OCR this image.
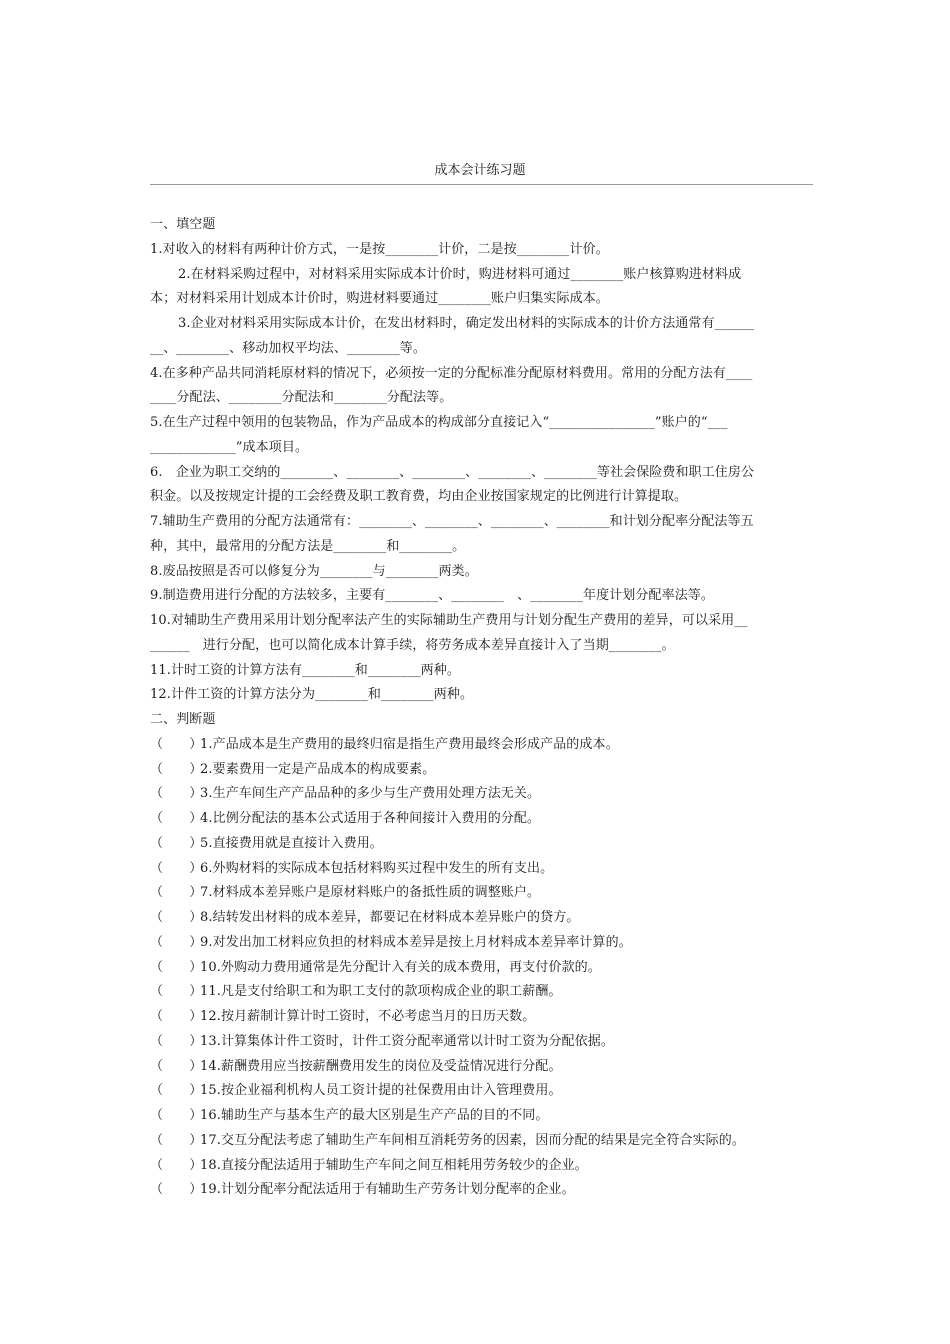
成本会计练习题
一、填空题
1.对收入的材料有两种计价方式，一是按________计价，二是按________计价。
2.在材料采购过程中，对材料采用实际成本计价时，购进材料可通过________账户核算购进材料成
本；对材料采用计划成本计价时，购进材料要通过________账户归集实际成本。
3.企业对材料采用实际成本计价，在发出材料时，确定发出材料的实际成本的计价方法通常有______
__、________、移动加权平均法、________等。
4.在多种产品共同消耗原材料的情况下，必须按一定的分配标准分配原材料费用。常用的分配方法有____
____分配法、________分配法和________分配法等。
5.在生产过程中领用的包装物品，作为产品成本的构成部分直接记入“________________”账户的“___
_____________”成本项目。
6.　企业为职工交纳的________、________、________、________、________等社会保险费和职工住房公
积金。以及按规定计提的工会经费及职工教育费，均由企业按国家规定的比例进行计算提取。
7.辅助生产费用的分配方法通常有：________、________、________、________和计划分配率分配法等五
种，其中，最常用的分配方法是________和________。
8.废品按照是否可以修复分为________与________两类。
9.制造费用进行分配的方法较多，主要有________、________　、________年度计划分配率法等。
10.对辅助生产费用采用计划分配率法产生的实际辅助生产费用与计划分配生产费用的差异，可以采用__
______　进行分配，也可以简化成本计算手续，将劳务成本差异直接计入了当期________。
11.计时工资的计算方法有________和________两种。
12.计件工资的计算方法分为________和________两种。
二、判断题
（　　）1.产品成本是生产费用的最终归宿是指生产费用最终会形成产品的成本。
（　　）2.要素费用一定是产品成本的构成要素。
（　　）3.生产车间生产产品品种的多少与生产费用处理方法无关。
（　　）4.比例分配法的基本公式适用于各种间接计入费用的分配。
（　　）5.直接费用就是直接计入费用。
（　　）6.外购材料的实际成本包括材料购买过程中发生的所有支出。
（　　）7.材料成本差异账户是原材料账户的备抵性质的调整账户。
（　　）8.结转发出材料的成本差异，都要记在材料成本差异账户的贷方。
（　　）9.对发出加工材料应负担的材料成本差异是按上月材料成本差异率计算的。
（　　）10.外购动力费用通常是先分配计入有关的成本费用，再支付价款的。
（　　）11.凡是支付给职工和为职工支付的款项构成企业的职工薪酬。
（　　）12.按月薪制计算计时工资时，不必考虑当月的日历天数。
（　　）13.计算集体计件工资时，计件工资分配率通常以计时工资为分配依据。
（　　）14.薪酬费用应当按薪酬费用发生的岗位及受益情况进行分配。
（　　）15.按企业福利机构人员工资计提的社保费用由计入管理费用。
（　　）16.辅助生产与基本生产的最大区别是生产产品的目的不同。
（　　）17.交互分配法考虑了辅助生产车间相互消耗劳务的因素，因而分配的结果是完全符合实际的。
（　　）18.直接分配法适用于辅助生产车间之间互相耗用劳务较少的企业。
（　　）19.计划分配率分配法适用于有辅助生产劳务计划分配率的企业。
